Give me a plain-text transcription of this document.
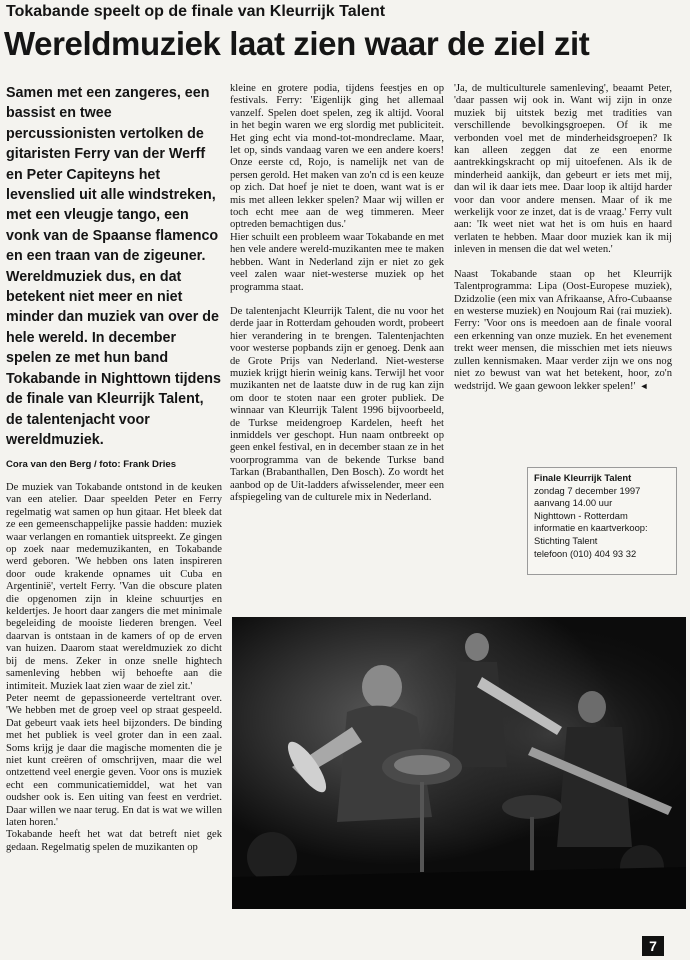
Tokabande speelt op de finale van Kleurrijk Talent
Wereldmuziek laat zien waar de ziel zit

Samen met een zangeres, een bassist en twee percussionisten vertolken de gitaristen Ferry van der Werff en Peter Capiteyns het levenslied uit alle windstreken, met een vleugje tango, een vonk van de Spaanse flamenco en een traan van de zigeuner. Wereldmuziek dus, en dat betekent niet meer en niet minder dan muziek van over de hele wereld. In december spelen ze met hun band Tokabande in Nighttown tijdens de finale van Kleurrijk Talent, de talentenjacht voor wereldmuziek.

Cora van den Berg / foto: Frank Dries

De muziek van Tokabande ontstond in de keuken van een atelier. Daar speelden Peter en Ferry regelmatig wat samen op hun gitaar. Het bleek dat ze een gemeenschappelijke passie hadden: muziek waar verlangen en romantiek uitspreekt. Ze gingen op zoek naar medemuzikanten, en Tokabande werd geboren. 'We hebben ons laten inspireren door oude krakende opnames uit Cuba en Argentinië', vertelt Ferry. 'Van die obscure platen die opgenomen zijn in kleine schuurtjes en keldertjes. Je hoort daar zangers die met minimale begeleiding de mooiste liederen brengen. Veel daarvan is ontstaan in de kamers of op de erven van huizen. Daarom staat wereldmuziek zo dicht bij de mens. Zeker in onze snelle hightech samenleving hebben wij behoefte aan die intimiteit. Muziek laat zien waar de ziel zit.'

Peter neemt de gepassioneerde verteltrant over. 'We hebben met de groep veel op straat gespeeld. Dat gebeurt vaak iets heel bijzonders. De binding met het publiek is veel groter dan in een zaal. Soms krijg je daar die magische momenten die je niet kunt creëren of omschrijven, maar die wel ontzettend veel energie geven. Voor ons is muziek echt een communicatiemiddel, wat het van oudsher ook is. Een uiting van feest en verdriet. Daar willen we naar terug. En dat is wat we willen laten horen.'

Tokabande heeft het wat dat betreft niet gek gedaan. Regelmatig spelen de muzikanten op

kleine en grotere podia, tijdens feestjes en op festivals. Ferry: 'Eigenlijk ging het allemaal vanzelf. Spelen doet spelen, zeg ik altijd. Vooral in het begin waren we erg slordig met publiciteit. Het ging echt via mond-tot-mondreclame. Maar, let op, sinds vandaag varen we een andere koers! Onze eerste cd, Rojo, is namelijk net van de persen gerold. Het maken van zo'n cd is een keuze op zich. Dat hoef je niet te doen, want wat is er mis met alleen lekker spelen? Maar wij willen er toch echt mee aan de weg timmeren. Meer optreden bemachtigen dus.'

Hier schuilt een probleem waar Tokabande en met hen vele andere wereld-muzikanten mee te maken hebben. Want in Nederland zijn er niet zo gek veel zalen waar niet-westerse muziek op het programma staat.

De talentenjacht Kleurrijk Talent, die nu voor het derde jaar in Rotterdam gehouden wordt, probeert hier verandering in te brengen. Talentenjachten voor westerse popbands zijn er genoeg. Denk aan de Grote Prijs van Nederland. Niet-westerse muziek krijgt hierin weinig kans. Terwijl het voor muzikanten net de laatste duw in de rug kan zijn om door te stoten naar een groter publiek. De winnaar van Kleurrijk Talent 1996 bijvoorbeeld, de Turkse meidengroep Kardelen, heeft het inmiddels ver geschopt. Hun naam ontbreekt op geen enkel festival, en in december staan ze in het voorprogramma van de bekende Turkse band Tarkan (Brabanthallen, Den Bosch). Zo wordt het aanbod op de Uit-ladders afwisselender, meer een afspiegeling van de culturele mix in Nederland.

'Ja, de multiculturele samenleving', beaamt Peter, 'daar passen wij ook in. Want wij zijn in onze muziek bij uitstek bezig met tradities van verschillende bevolkingsgroepen. Of ik me verbonden voel met de minderheidsgroepen? Ik kan alleen zeggen dat ze een enorme aantrekkingskracht op mij uitoefenen. Als ik de minderheid aankijk, dan gebeurt er iets met mij, dan wil ik daar iets mee. Daar loop ik altijd harder voor dan voor andere mensen. Maar of ik me werkelijk voor ze inzet, dat is de vraag.' Ferry vult aan: 'Ik weet niet wat het is om huis en haard verlaten te hebben. Maar door muziek kan ik mij inleven in mensen die dat wel weten.'

Naast Tokabande staan op het Kleurrijk Talentprogramma: Lipa (Oost-Europese muziek), Dzidzolie (een mix van Afrikaanse, Afro-Cubaanse en westerse muziek) en Noujoum Rai (rai muziek). Ferry: 'Voor ons is meedoen aan de finale vooral een erkenning van onze muziek. En het evenement trekt weer mensen, die misschien met iets nieuws zullen kennismaken. Maar verder zijn we ons nog niet zo bewust van wat het betekent, hoor, zo'n wedstrijd. We gaan gewoon lekker spelen!' ◄

Finale Kleurrijk Talent

zondag 7 december 1997

aanvang 14.00 uur

Nighttown - Rotterdam

informatie en kaartverkoop:

Stichting Talent

telefoon (010) 404 93 32

7
